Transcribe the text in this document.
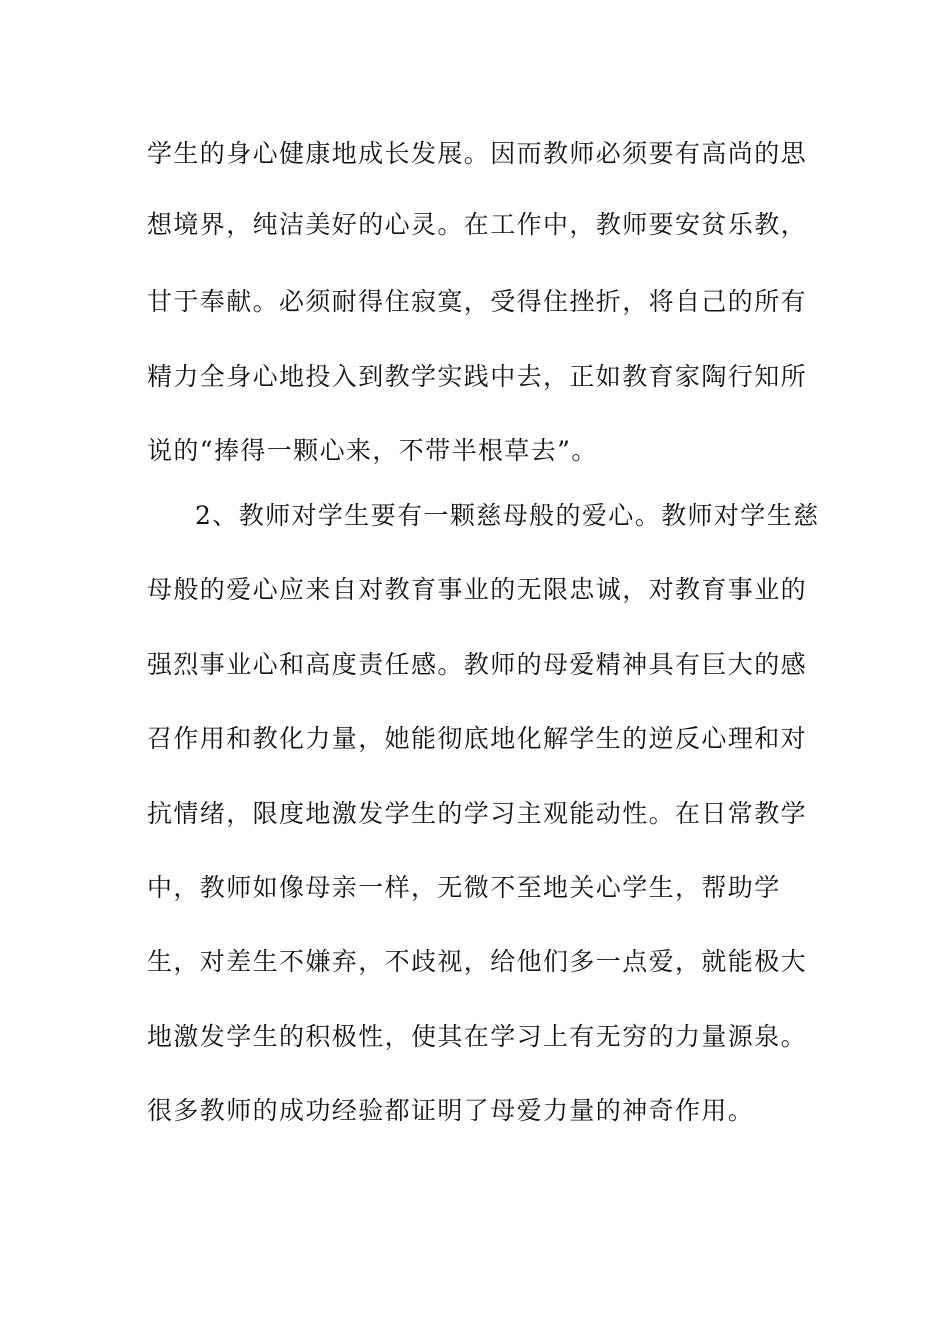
学生的身心健康地成长发展。因而教师必须要有高尚的思
想境界，纯洁美好的心灵。在工作中，教师要安贫乐教，
甘于奉献。必须耐得住寂寞，受得住挫折，将自己的所有
精力全身心地投入到教学实践中去，正如教育家陶行知所
说的“捧得一颗心来，不带半根草去”。
2、教师对学生要有一颗慈母般的爱心。教师对学生慈
母般的爱心应来自对教育事业的无限忠诚，对教育事业的
强烈事业心和高度责任感。教师的母爱精神具有巨大的感
召作用和教化力量，她能彻底地化解学生的逆反心理和对
抗情绪，限度地激发学生的学习主观能动性。在日常教学
中，教师如像母亲一样，无微不至地关心学生，帮助学
生，对差生不嫌弃，不歧视，给他们多一点爱，就能极大
地激发学生的积极性，使其在学习上有无穷的力量源泉。
很多教师的成功经验都证明了母爱力量的神奇作用。
